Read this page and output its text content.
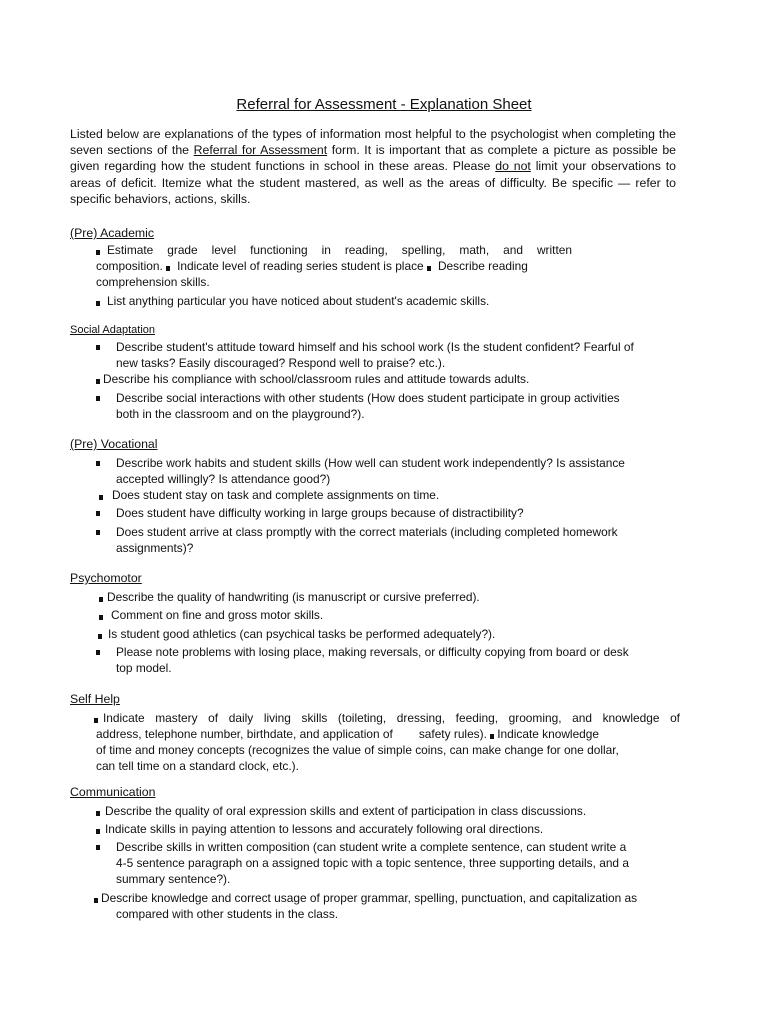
Referral for Assessment - Explanation Sheet
Listed below are explanations of the types of information most helpful to the psychologist when completing the seven sections of the Referral for Assessment form. It is important that as complete a picture as possible be given regarding how the student functions in school in these areas. Please do not limit your observations to areas of deficit. Itemize what the student mastered, as well as the areas of difficulty. Be specific — refer to specific behaviors, actions, skills.
(Pre) Academic
Estimate grade level functioning in reading, spelling, math, and written
composition. Indicate level of reading series student is place Describe reading
comprehension skills.
List anything particular you have noticed about student's academic skills.
Social Adaptation
Describe student's attitude toward himself and his school work (Is the student confident? Fearful of
new tasks? Easily discouraged? Respond well to praise? etc.).
Describe his compliance with school/classroom rules and attitude towards adults.
Describe social interactions with other students (How does student participate in group activities
both in the classroom and on the playground?).
(Pre) Vocational
Describe work habits and student skills (How well can student work independently? Is assistance
accepted willingly? Is attendance good?)
Does student stay on task and complete assignments on time.
Does student have difficulty working in large groups because of distractibility?
Does student arrive at class promptly with the correct materials (including completed homework
assignments)?
Psychomotor
Describe the quality of handwriting (is manuscript or cursive preferred).
Comment on fine and gross motor skills.
Is student good athletics (can psychical tasks be performed adequately?).
Please note problems with losing place, making reversals, or difficulty copying from board or desk
top model.
Self Help
Indicate mastery of daily living skills (toileting, dressing, feeding, grooming, and knowledge of
address, telephone number, birthdate, and application of safety rules). Indicate knowledge
of time and money concepts (recognizes the value of simple coins, can make change for one dollar,
can tell time on a standard clock, etc.).
Communication
Describe the quality of oral expression skills and extent of participation in class discussions.
Indicate skills in paying attention to lessons and accurately following oral directions.
Describe skills in written composition (can student write a complete sentence, can student write a
4-5 sentence paragraph on a assigned topic with a topic sentence, three supporting details, and a
summary sentence?).
Describe knowledge and correct usage of proper grammar, spelling, punctuation, and capitalization as
compared with other students in the class.
